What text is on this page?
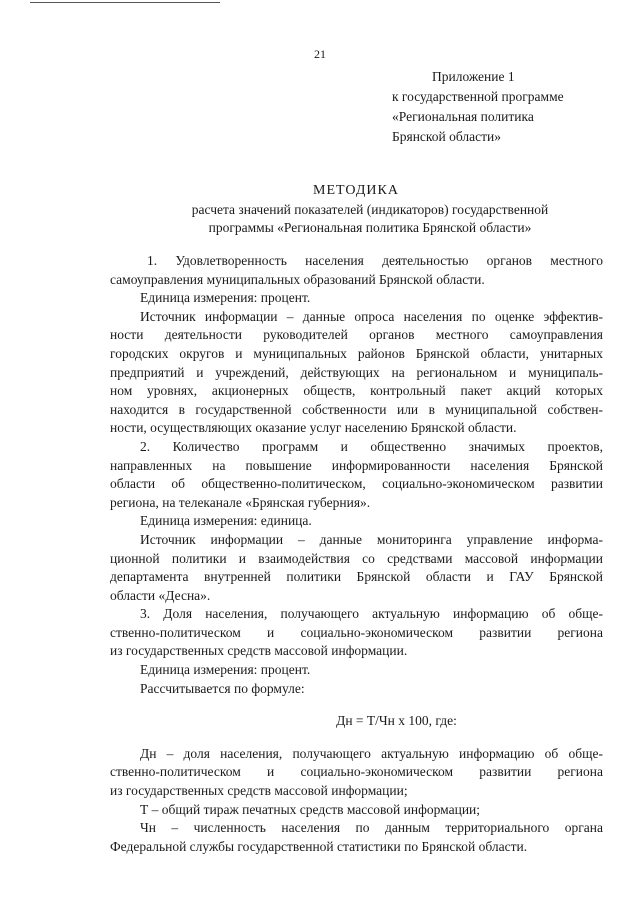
21
Приложение 1
к государственной программе
«Региональная политика
Брянской области»
МЕТОДИКА
расчета значений показателей (индикаторов) государственной
программы «Региональная политика Брянской области»
1. Удовлетворенность населения деятельностью органов местного
самоуправления муниципальных образований Брянской области.
Единица измерения: процент.
Источник информации – данные опроса населения по оценке эффектив-
ности деятельности руководителей органов местного самоуправления
городских округов и муниципальных районов Брянской области, унитарных
предприятий и учреждений, действующих на региональном и муниципаль-
ном уровнях, акционерных обществ, контрольный пакет акций которых
находится в государственной собственности или в муниципальной собствен-
ности, осуществляющих оказание услуг населению Брянской области.
2. Количество программ и общественно значимых проектов,
направленных на повышение информированности населения Брянской
области об общественно-политическом, социально-экономическом развитии
региона, на телеканале «Брянская губерния».
Единица измерения: единица.
Источник информации – данные мониторинга управление информа-
ционной политики и взаимодействия со средствами массовой информации
департамента внутренней политики Брянской области и ГАУ Брянской
области «Десна».
3. Доля населения, получающего актуальную информацию об обще-
ственно-политическом и социально-экономическом развитии региона
из государственных средств массовой информации.
Единица измерения: процент.
Рассчитывается по формуле:
Дн = Т/Чн х 100, где:
Дн – доля населения, получающего актуальную информацию об обще-
ственно-политическом и социально-экономическом развитии региона
из государственных средств массовой информации;
Т – общий тираж печатных средств массовой информации;
Чн – численность населения по данным территориального органа
Федеральной службы государственной статистики по Брянской области.
